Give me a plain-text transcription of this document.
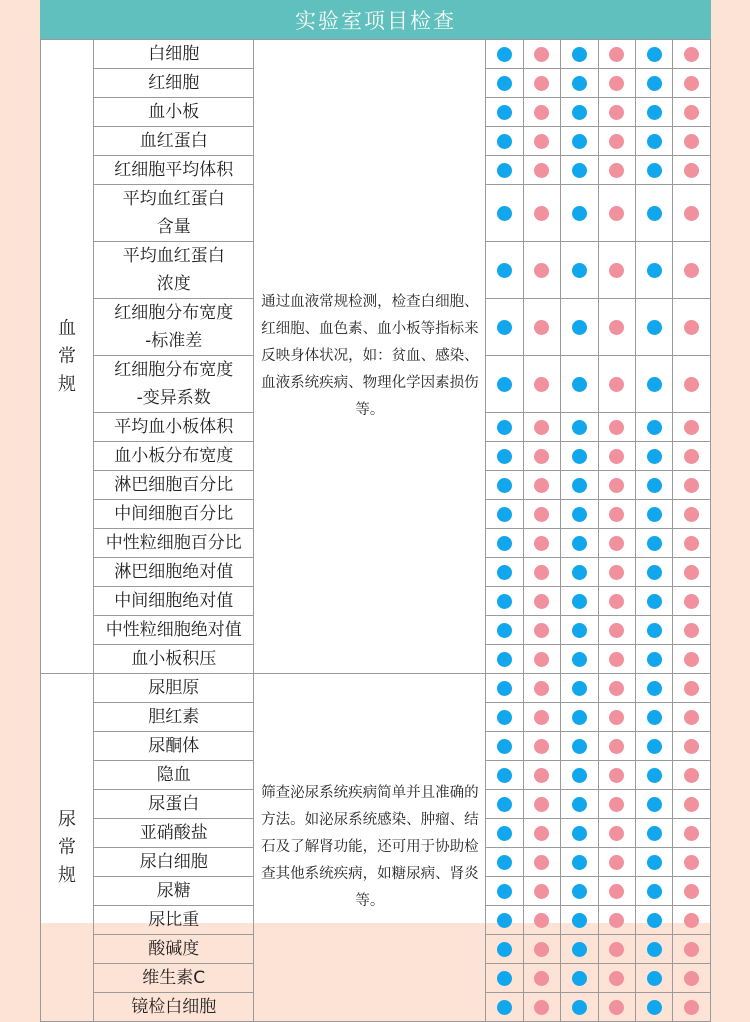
实验室项目检查
血
常
规	白细胞	通过血液常规检测，检查白细胞、红细胞、血色素、血小板等指标来反映身体状况，如：贫血、感染、血液系统疾病、物理化学因素损伤等。						

	红细胞							

	血小板							

	血红蛋白							

	红细胞平均体积							

	平均血红蛋白
含量							

	平均血红蛋白
浓度							

	红细胞分布宽度
-标准差							

	红细胞分布宽度
-变异系数							

	平均血小板体积							

	血小板分布宽度							

	淋巴细胞百分比							

	中间细胞百分比							

	中性粒细胞百分比							

	淋巴细胞绝对值							

	中间细胞绝对值							

	中性粒细胞绝对值							

	血小板积压							

尿
常
规	尿胆原	筛查泌尿系统疾病简单并且准确的方法。如泌尿系统感染、肿瘤、结石及了解肾功能，还可用于协助检查其他系统疾病，如糖尿病、肾炎等。						

	胆红素							

	尿酮体							

	隐血							

	尿蛋白							

	亚硝酸盐							

	尿白细胞							

	尿糖							

	尿比重							

	酸碱度							

	维生素C							

	镜检白细胞							
